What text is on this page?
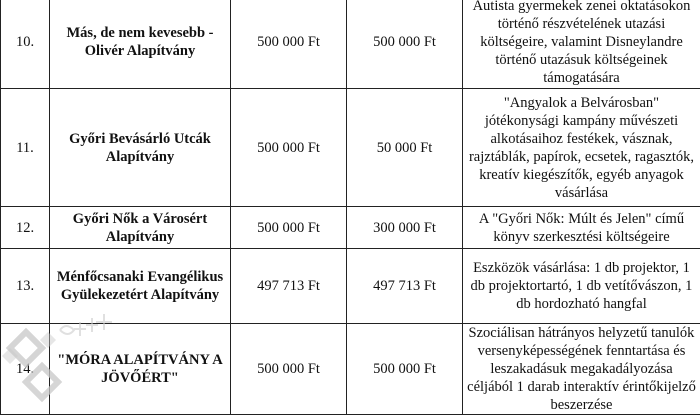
10.	Más, de nem kevesebb - Olivér Alapítvány	500 000 Ft	500 000 Ft	Autista gyermekek zenei oktatásokon történő részvételének utazási költségeire, valamint Disneylandre történő utazásuk költségeinek támogatására
11.	Győri Bevásárló Utcák Alapítvány	500 000 Ft	50 000 Ft	"Angyalok a Belvárosban" jótékonysági kampány művészeti alkotásaihoz festékek, vásznak, rajztáblák, papírok, ecsetek, ragasztók, kreatív kiegészítők, egyéb anyagok vásárlása
12.	Győri Nők a Városért Alapítvány	500 000 Ft	300 000 Ft	A "Győri Nők: Múlt és Jelen" című könyv szerkesztési költségeire
13.	Ménfőcsanaki Evangélikus Gyülekezetért Alapítvány	497 713 Ft	497 713 Ft	Eszközök vásárlása: 1 db projektor, 1 db projektortartó, 1 db vetítővászon, 1 db hordozható hangfal
14.	"MÓRA ALAPÍTVÁNY A JÖVŐÉRT"	500 000 Ft	500 000 Ft	Szociálisan hátrányos helyzetű tanulók versenyképességének fenntartása és leszakadásuk megakadályozása céljából 1 darab interaktív érintőkijelző beszerzése
